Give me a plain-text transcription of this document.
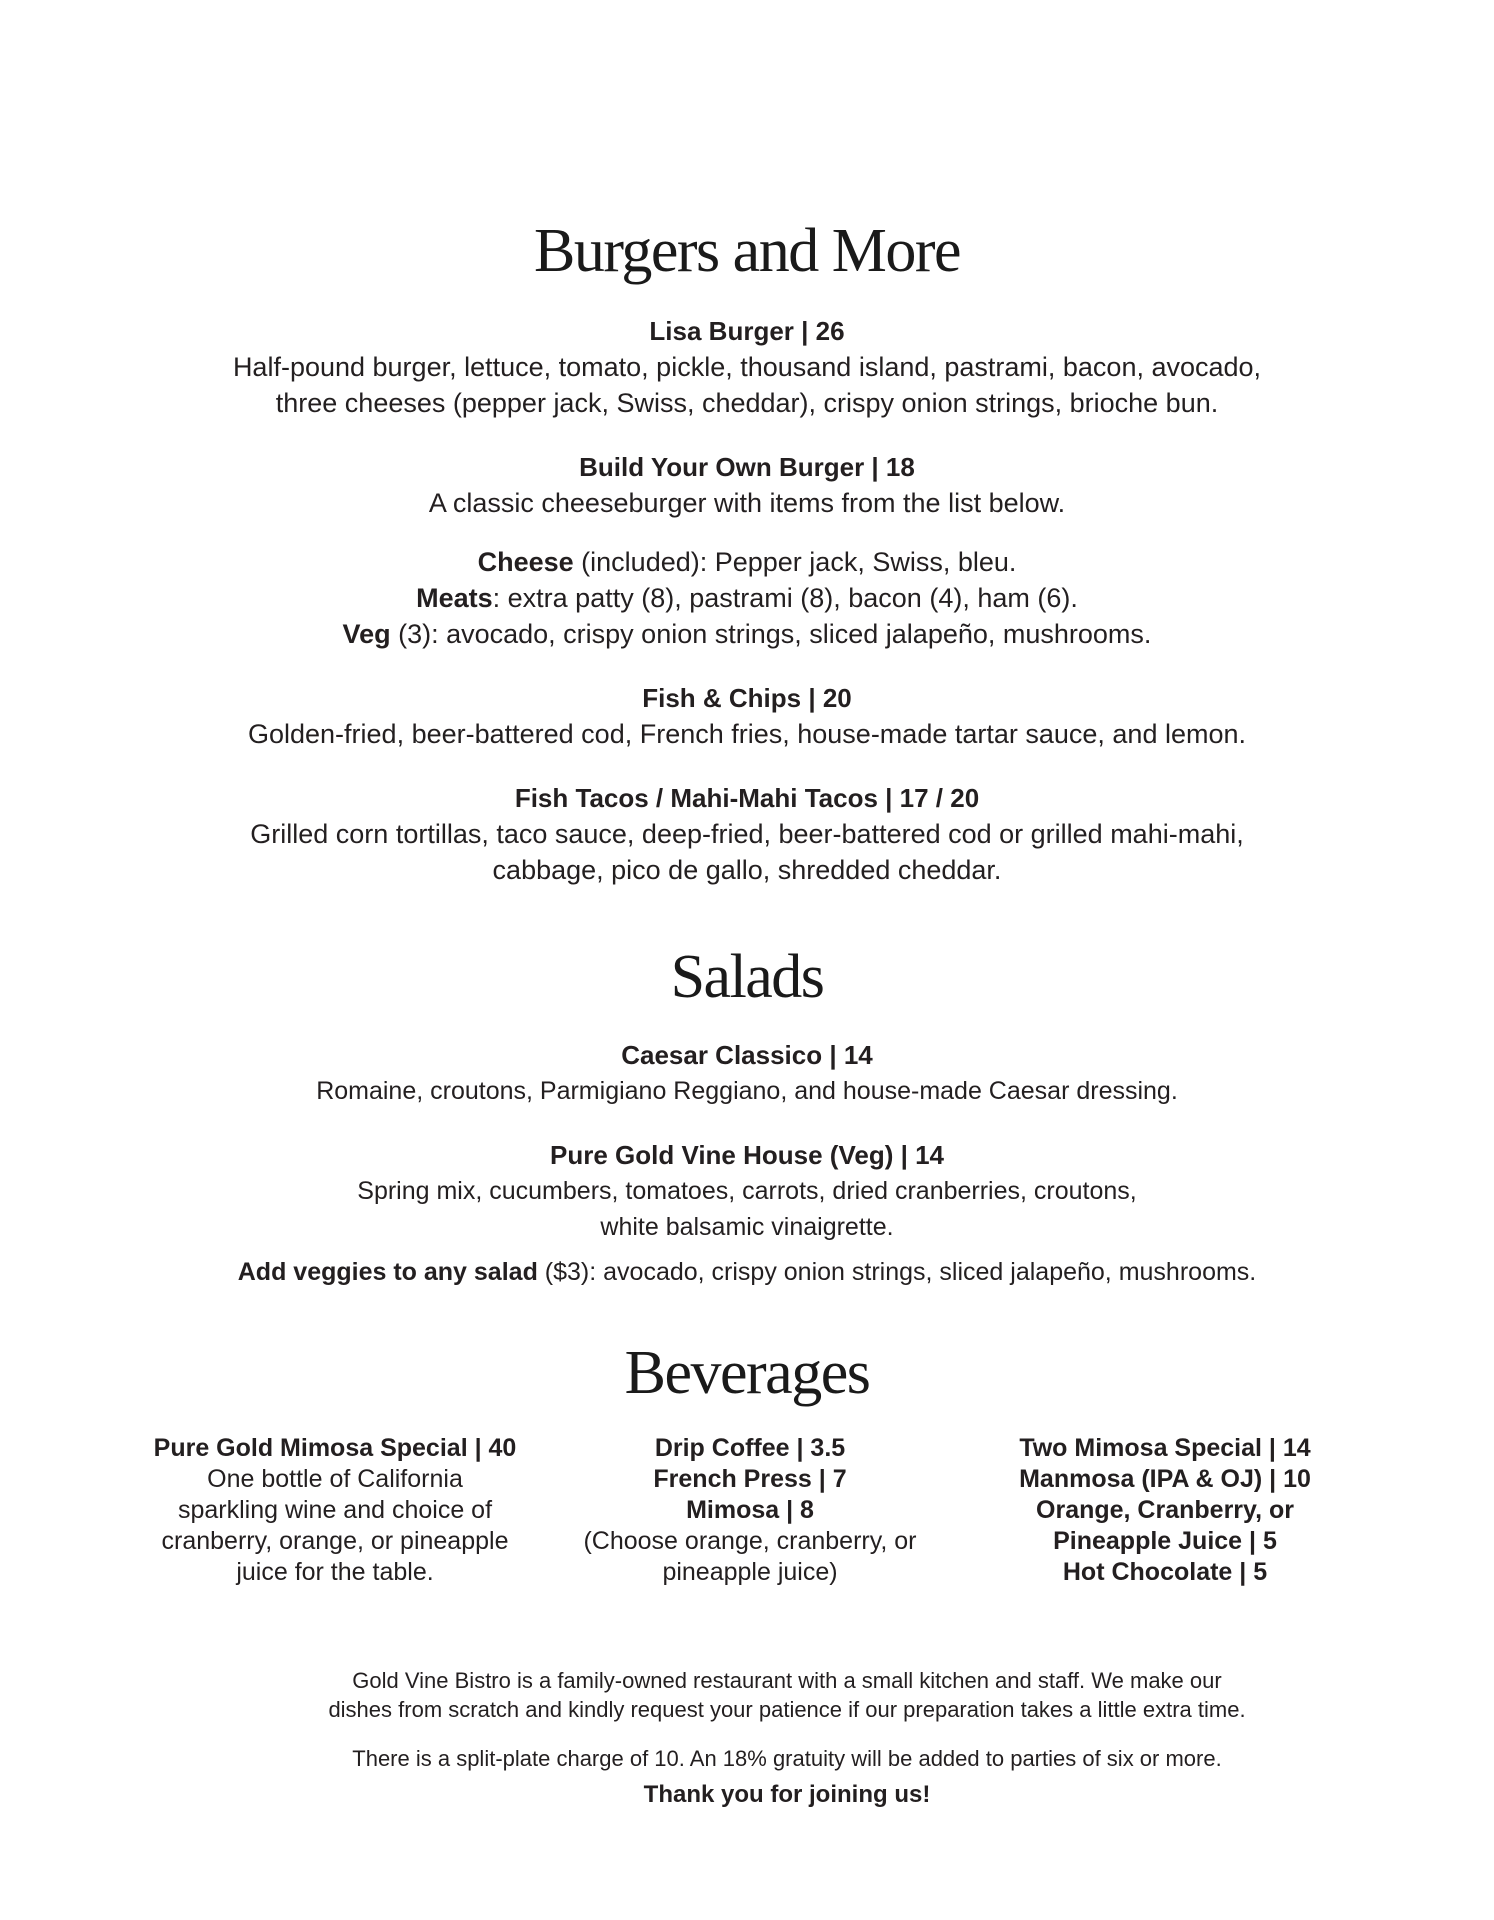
Burgers and More
Lisa Burger | 26
Half-pound burger, lettuce, tomato, pickle, thousand island, pastrami, bacon, avocado,
three cheeses (pepper jack, Swiss, cheddar), crispy onion strings, brioche bun.
Build Your Own Burger | 18
A classic cheeseburger with items from the list below.
Cheese (included): Pepper jack, Swiss, bleu.
Meats: extra patty (8), pastrami (8), bacon (4), ham (6).
Veg (3): avocado, crispy onion strings, sliced jalapeño, mushrooms.
Fish & Chips | 20
Golden-fried, beer-battered cod, French fries, house-made tartar sauce, and lemon.
Fish Tacos / Mahi-Mahi Tacos | 17 / 20
Grilled corn tortillas, taco sauce, deep-fried, beer-battered cod or grilled mahi-mahi,
cabbage, pico de gallo, shredded cheddar.
Salads
Caesar Classico | 14
Romaine, croutons, Parmigiano Reggiano, and house-made Caesar dressing.
Pure Gold Vine House (Veg) | 14
Spring mix, cucumbers, tomatoes, carrots, dried cranberries, croutons,
white balsamic vinaigrette.
Add veggies to any salad ($3): avocado, crispy onion strings, sliced jalapeño, mushrooms.
Beverages
Pure Gold Mimosa Special | 40
One bottle of California
sparkling wine and choice of
cranberry, orange, or pineapple
juice for the table.
Drip Coffee | 3.5
French Press | 7
Mimosa | 8
(Choose orange, cranberry, or
pineapple juice)
Two Mimosa Special | 14
Manmosa (IPA & OJ) | 10
Orange, Cranberry, or
Pineapple Juice | 5
Hot Chocolate | 5
Gold Vine Bistro is a family-owned restaurant with a small kitchen and staff. We make our
dishes from scratch and kindly request your patience if our preparation takes a little extra time.
There is a split-plate charge of 10. An 18% gratuity will be added to parties of six or more.
Thank you for joining us!
